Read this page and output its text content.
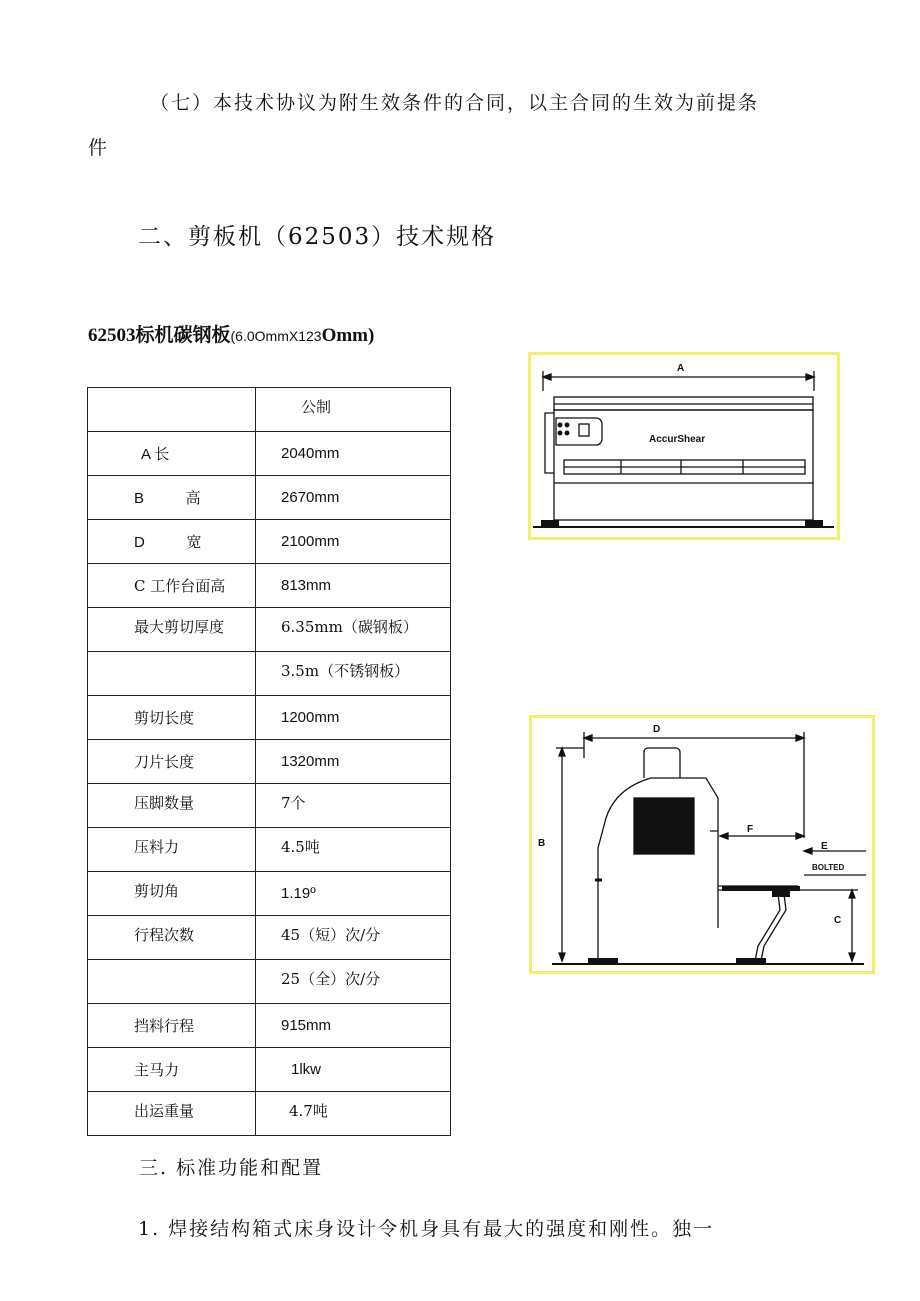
（七）本技术协议为附生效条件的合同，以主合同的生效为前提条
件
二、剪板机（62503）技术规格
62503标机碳钢板(6.0OmmX123Omm)

	公制

A 长	2040mm

B          高	2670mm

D          宽	2100mm

C 工作台面高	813mm

最大剪切厚度	6.35mm（碳钢板）

	3.5m（不锈钢板）

剪切长度	1200mm

刀片长度	1320mm

压脚数量	7个

压料力	4.5吨

剪切角	1.19º

行程次数	45（短）次/分

	25（全）次/分

挡料行程	915mm

主马力	1lkw

出运重量	4.7吨
A
AccurShear
D
B
F
E
BOLTED
C
三. 标准功能和配置
1. 焊接结构箱式床身设计令机身具有最大的强度和刚性。独一
